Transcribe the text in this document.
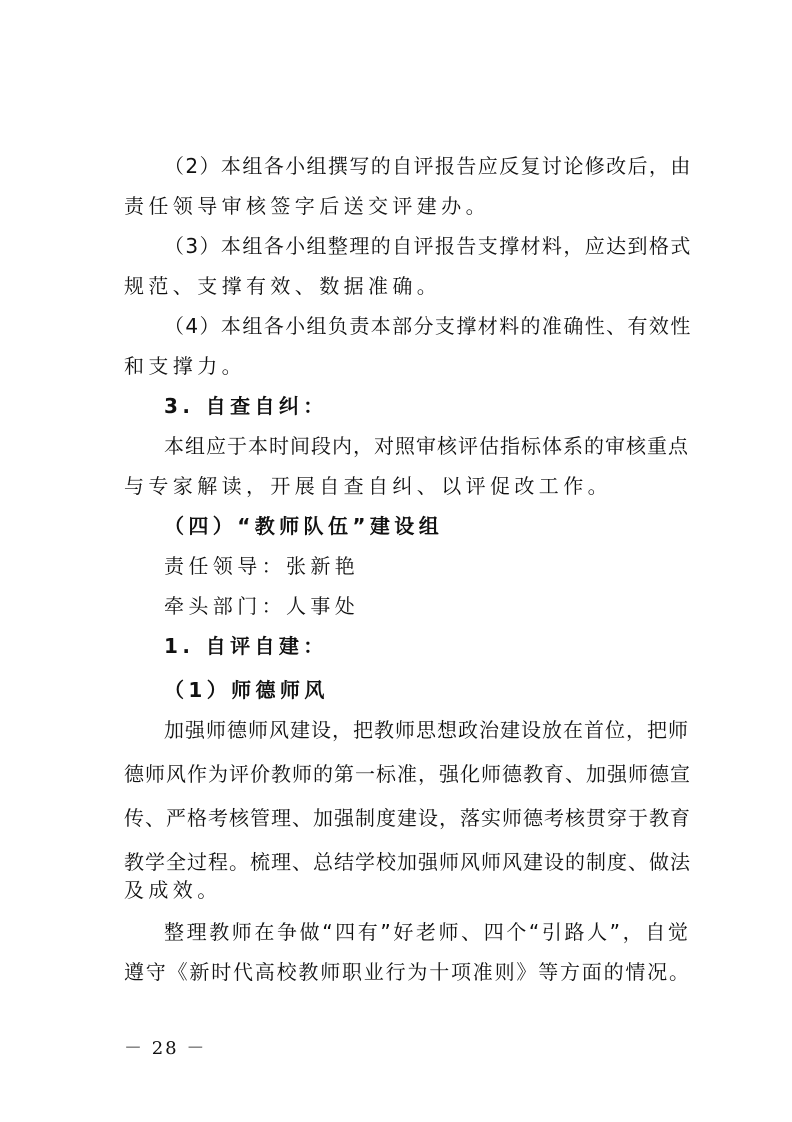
（2）本组各小组撰写的自评报告应反复讨论修改后，由
责任领导审核签字后送交评建办。
（3）本组各小组整理的自评报告支撑材料，应达到格式
规范、支撑有效、数据准确。
（4）本组各小组负责本部分支撑材料的准确性、有效性
和支撑力。
3. 自查自纠：
本组应于本时间段内，对照审核评估指标体系的审核重点
与专家解读，开展自查自纠、以评促改工作。
（四）“教师队伍”建设组
责任领导：张新艳
牵头部门：人事处
1. 自评自建：
（1）师德师风
加强师德师风建设，把教师思想政治建设放在首位，把师
德师风作为评价教师的第一标准，强化师德教育、加强师德宣
传、严格考核管理、加强制度建设，落实师德考核贯穿于教育
教学全过程。梳理、总结学校加强师风师风建设的制度、做法
及成效。
整理教师在争做“四有”好老师、四个“引路人”，自觉
遵守《新时代高校教师职业行为十项准则》等方面的情况。
－ 28 －
